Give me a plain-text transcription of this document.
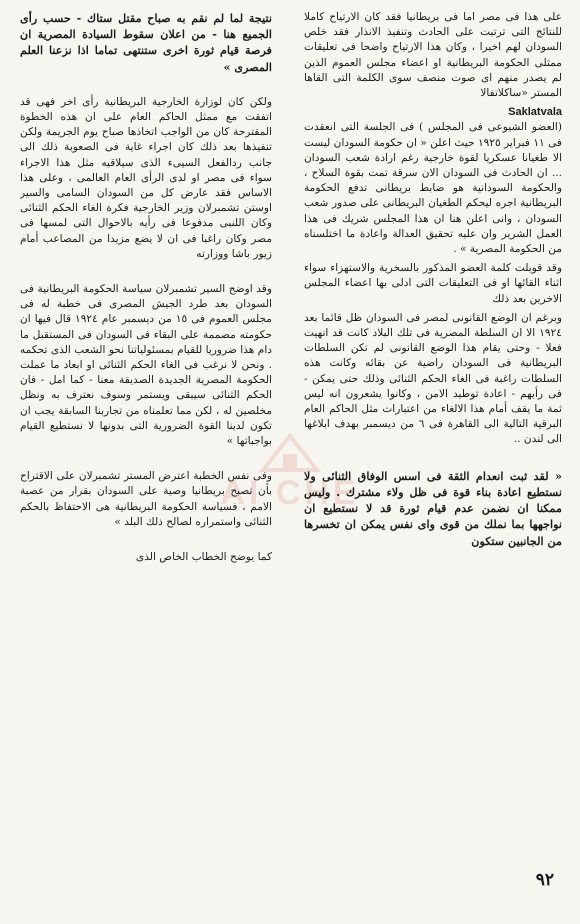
AI CHE

على هذا فى مصر اما فى بريطانيا فقد كان الارتياح كاملا للنتائج التى ترتبت على الحادث وتنفيذ الانذار فقد خلص السودان لهم اخيرا ، وكان هذا الارتياح واضحا فى تعليقات ممثلى الحكومة البريطانية او اعضاء مجلس العموم الذين لم يصدر منهم اى صوت منصف سوى الكلمة التى القاها المستر «ساكلاتفالا

Saklatvala

(العضو الشيوعى فى المجلس ) فى الجلسة التى انعقدت فى ١١ فبراير ١٩٢٥ حيث اعلن « ان حكومة السودان ليست الا طغيانا عسكريا لقوة خارجية رغم ارادة شعب السودان ... ان الحادث فى السودان الان سرقة تمت بقوة السلاح ، والحكومة السودانية هو ضابط بريطانى تدفع الحكومة البريطانية اجره ليحكم الطغيان البريطانى على صدور شعب السودان ، وانى اعلن هنا ان هذا المجلس شريك فى هذا العمل الشرير وان عليه تحقيق العدالة واعادة ما اختلسناه من الحكومة المصرية » .

وقد قوبلت كلمة العضو المذكور بالسخرية والاستهزاء سواء اثناء القائها او فى التعليقات التى ادلى بها اعضاء المجلس الاخرين بعد ذلك

وبرغم ان الوضع القانونى لمصر فى السودان ظل قائما بعد ١٩٢٤ الا ان السلطة المصرية فى تلك البلاد كانت قد انهيت فعلا - وحتى يقام هذا الوضع القانونى لم تكن السلطات البريطانية فى السودان راضية عن بقائه وكانت هذه السلطات راغبة فى الغاء الحكم الثنائى وذلك حتى يمكن - فى رأيهم - اعادة توطيد الامن ، وكانوا يشعرون انه ليس ثمة ما يقف أمام هذا الالغاء من اعتبارات مثل الحاكم العام البرقية التالية الى القاهرة فى ٦ من ديسمبر بهدف ابلاغها الى لندن ..

« لقد ثبت انعدام الثقة فى اسس الوفاق الثنائى ولا نستطيع اعادة بناء قوة فى ظل ولاء مشترك . وليس ممكنا ان نضمن عدم قيام ثورة قد لا نستطيع ان نواجهها بما نملك من قوى واى نفس يمكن ان تخسرها من الجانبين ستكون

نتيجة لما لم نقم به صباح مقتل ستاك - حسب رأى الجميع هنا - من اعلان سقوط السيادة المصرية ان فرصة قيام ثورة اخرى ستنتهى تماما اذا نزعنا العلم المصرى »

ولكن كان لوزارة الخارجية البريطانية رأى اخر فهى قد اتفقت مع ممثل الحاكم العام على ان هذه الخطوة المقترحة كان من الواجب اتخاذها صباح يوم الجريمة ولكن تنفيذها بعد ذلك كان اجراء غاية فى الصعوبة ذلك الى جانب ردالفعل السيىء الذى سيلاقيه مثل هذا الاجراء سواء فى مصر او لدى الرأى العام العالمى ، وعلى هذا الاساس فقد عارض كل من السودان السامى والسير اوستن تشمبرلان وزير الخارجية فكرة الغاء الحكم الثنائى وكان اللنبى مدفوعا فى رأيه بالاحوال التى لمسها فى مصر وكان راغبا فى ان لا يضع مزيدا من المصاعب أمام زيور باشا ووزارته

وقد اوضح السير تشمبرلان سياسة الحكومة البريطانية فى السودان بعد طرد الجيش المصرى فى خطبة له فى مجلس العموم فى ١٥ من ديسمبر عام ١٩٢٤ قال فيها ان حكومته مصممة على البقاء فى السودان فى المستقبل ما دام هذا ضروريا للقيام بمسئولياتنا نحو الشعب الذى تحكمه . ونحن لا نرغب فى الغاء الحكم الثنائى او ابعاد ما عملت الحكومة المصرية الجديدة الصديقة معنا - كما امل - فان الحكم الثنائى سيبقى ويستمر وسوف نعترف به ونظل مخلصين له ، لكن مما تعلمناه من تجاربنا السابقة يجب ان تكون لدينا القوة الضرورية التى بدونها لا نستطيع القيام بواجباتها »

وفى نفس الخطبة اعترض المستر تشمبرلان على الاقتراح بأن تصبح بريطانيا وصية على السودان بقرار من عصبة الامم ، فسياسة الحكومة البريطانية هى الاحتفاظ بالحكم الثنائى واستمراره لصالح ذلك البلد »

كما يوضح الخطاب الخاص الذى

٩٢
